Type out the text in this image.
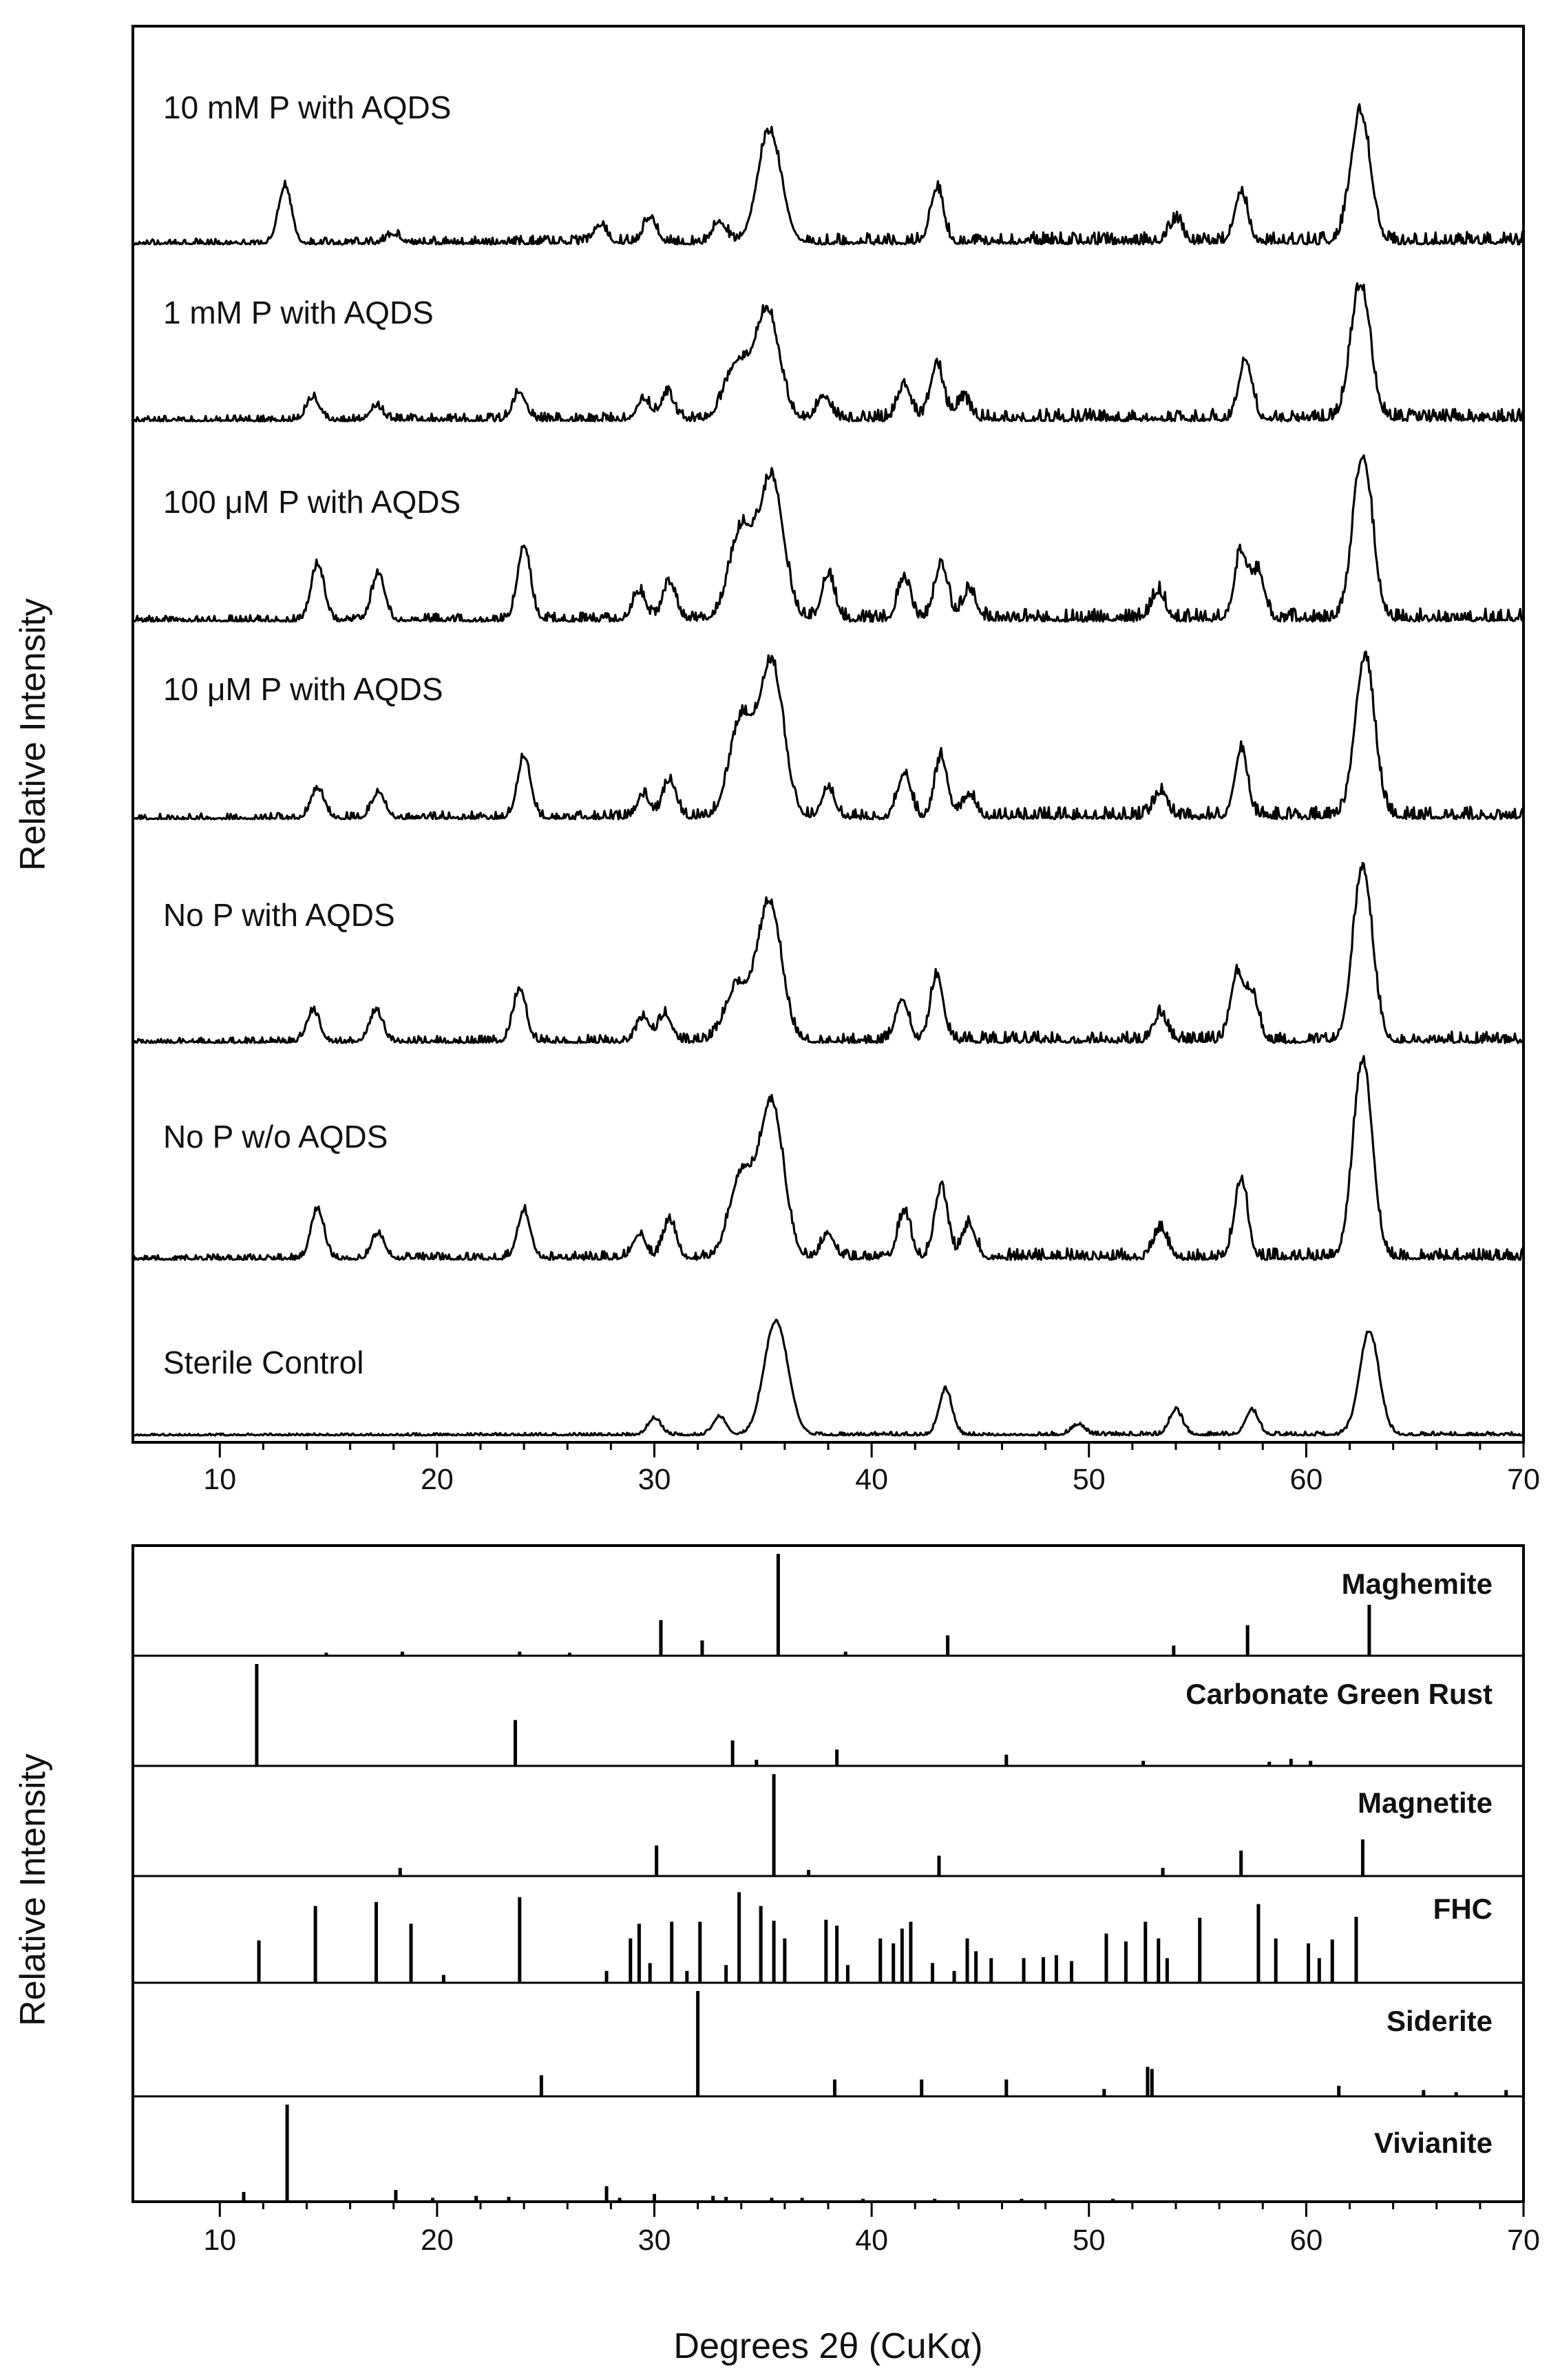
10 mM P with AQDS
1 mM P with AQDS
100 μM P with AQDS
10 μM P with AQDS
No P with AQDS
No P w/o AQDS
Sterile Control
10	20	30	40	50	60	70
Relative Intensity
Maghemite
Carbonate Green Rust
Magnetite
FHC
Siderite
Vivianite
10	20	30	40	50	60	70
Relative Intensity
Degrees 2θ (CuKα)
